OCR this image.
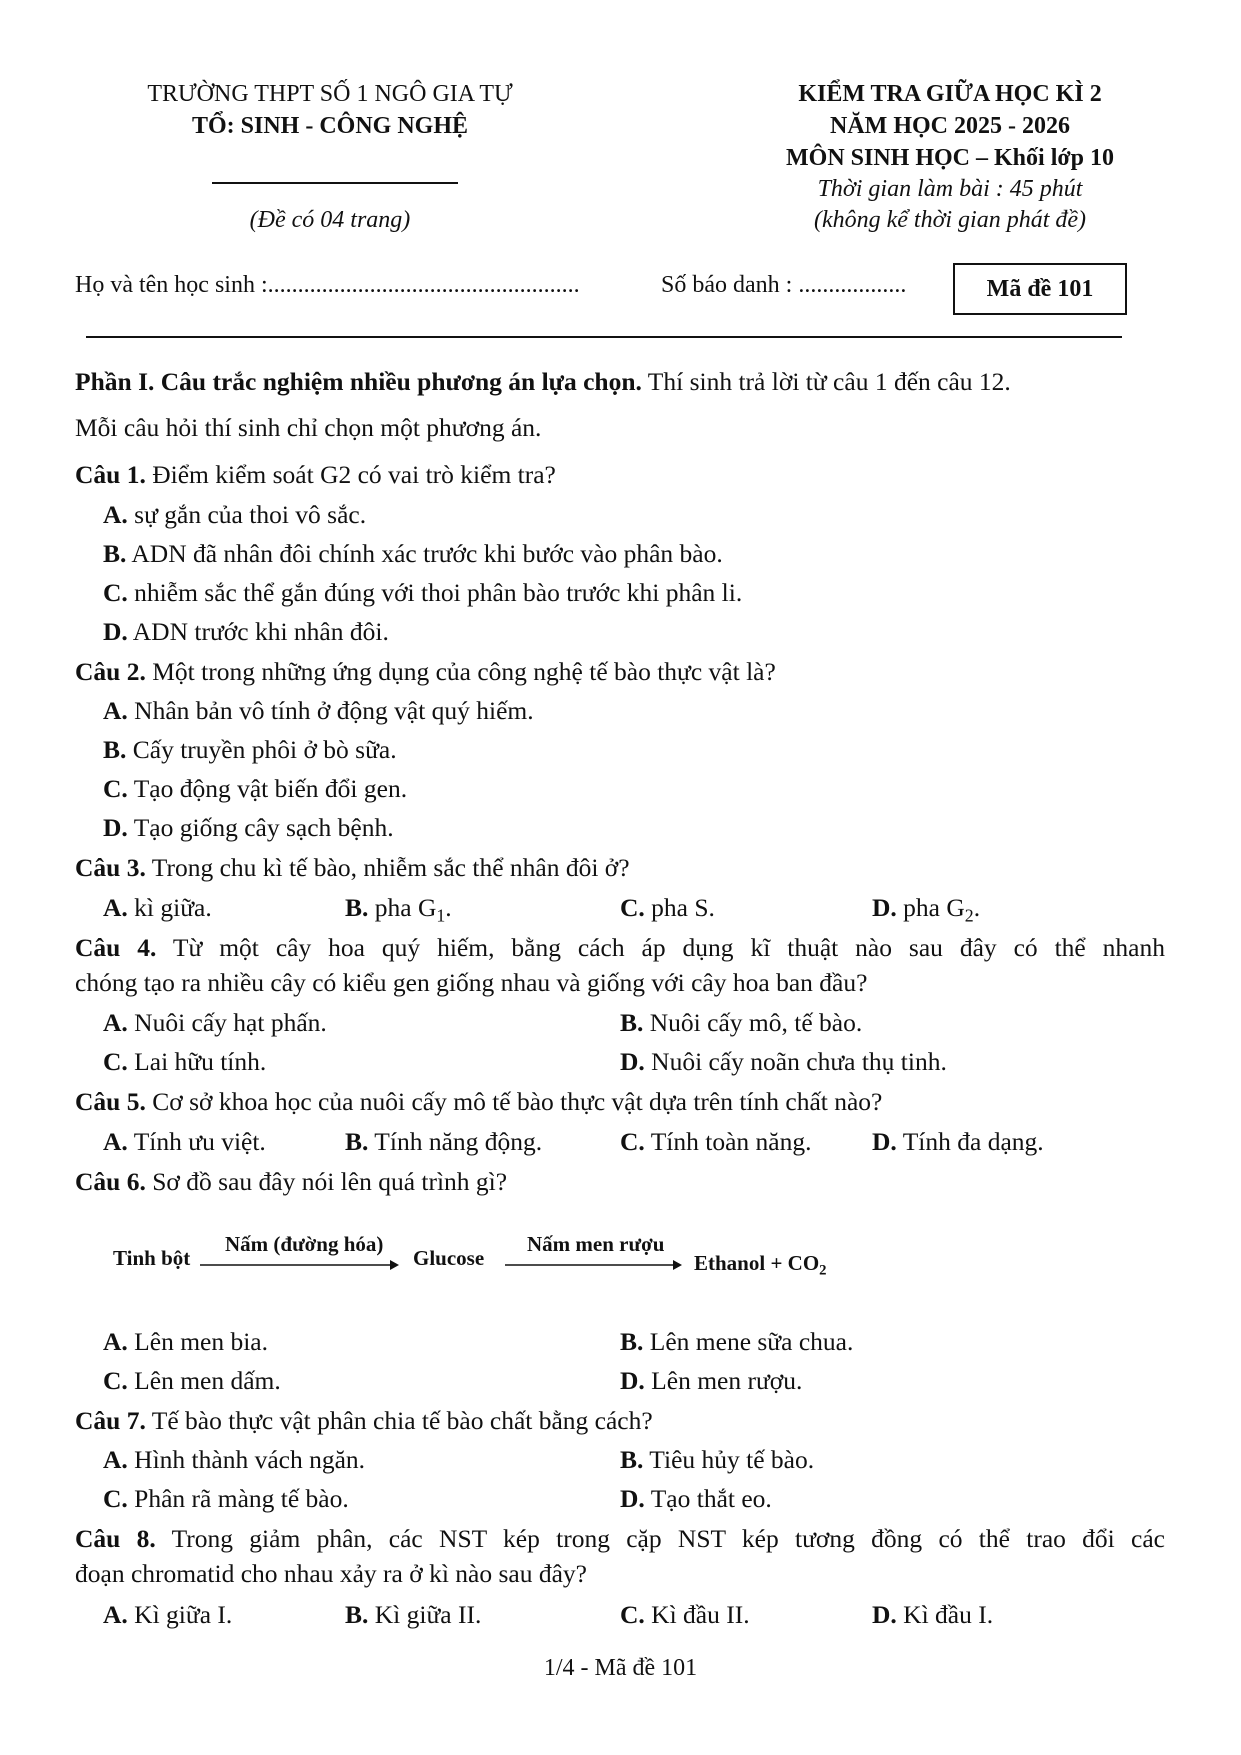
TRƯỜNG THPT SỐ 1 NGÔ GIA TỰ
TỔ: SINH - CÔNG NGHỆ
(Đề có 04 trang)
KIỂM TRA GIỮA HỌC KÌ 2
NĂM HỌC 2025 - 2026
MÔN SINH HỌC – Khối lớp 10
Thời gian làm bài : 45 phút
(không kể thời gian phát đề)
Họ và tên học sinh :....................................................	Số báo danh : ..................	Mã đề 101
Phần I. Câu trắc nghiệm nhiều phương án lựa chọn. Thí sinh trả lời từ câu 1 đến câu 12.
Mỗi câu hỏi thí sinh chỉ chọn một phương án.
Câu 1. Điểm kiểm soát G2 có vai trò kiểm tra?
A. sự gắn của thoi vô sắc.
B. ADN đã nhân đôi chính xác trước khi bước vào phân bào.
C. nhiễm sắc thể gắn đúng với thoi phân bào trước khi phân li.
D. ADN trước khi nhân đôi.
Câu 2. Một trong những ứng dụng của công nghệ tế bào thực vật là?
A. Nhân bản vô tính ở động vật quý hiếm.
B. Cấy truyền phôi ở bò sữa.
C. Tạo động vật biến đổi gen.
D. Tạo giống cây sạch bệnh.
Câu 3. Trong chu kì tế bào, nhiễm sắc thể nhân đôi ở?
A. kì giữa.	B. pha $G_1$.	C. pha S.	D. pha $G_2$.
Câu 4. Từ một cây hoa quý hiếm, bằng cách áp dụng kĩ thuật nào sau đây có thể nhanh
chóng tạo ra nhiều cây có kiểu gen giống nhau và giống với cây hoa ban đầu?
A. Nuôi cấy hạt phấn.	B. Nuôi cấy mô, tế bào.
C. Lai hữu tính.	D. Nuôi cấy noãn chưa thụ tinh.
Câu 5. Cơ sở khoa học của nuôi cấy mô tế bào thực vật dựa trên tính chất nào?
A. Tính ưu việt.	B. Tính năng động.	C. Tính toàn năng. D. Tính đa dạng.
Câu 6. Sơ đồ sau đây nói lên quá trình gì?
Tinh bột
Nấm (đường hóa)
Glucose
Nấm men rượu
Ethanol + $CO_2$
A. Lên men bia.	B. Lên mene sữa chua.
C. Lên men dấm.	D. Lên men rượu.
Câu 7. Tế bào thực vật phân chia tế bào chất bằng cách?
A. Hình thành vách ngăn.	B. Tiêu hủy tế bào.
C. Phân rã màng tế bào.	D. Tạo thắt eo.
Câu 8. Trong giảm phân, các NST kép trong cặp NST kép tương đồng có thể trao đổi các
đoạn chromatid cho nhau xảy ra ở kì nào sau đây?
A. Kì giữa I.	B. Kì giữa II.	C. Kì đầu II.	D. Kì đầu I.
1/4 - Mã đề 101
